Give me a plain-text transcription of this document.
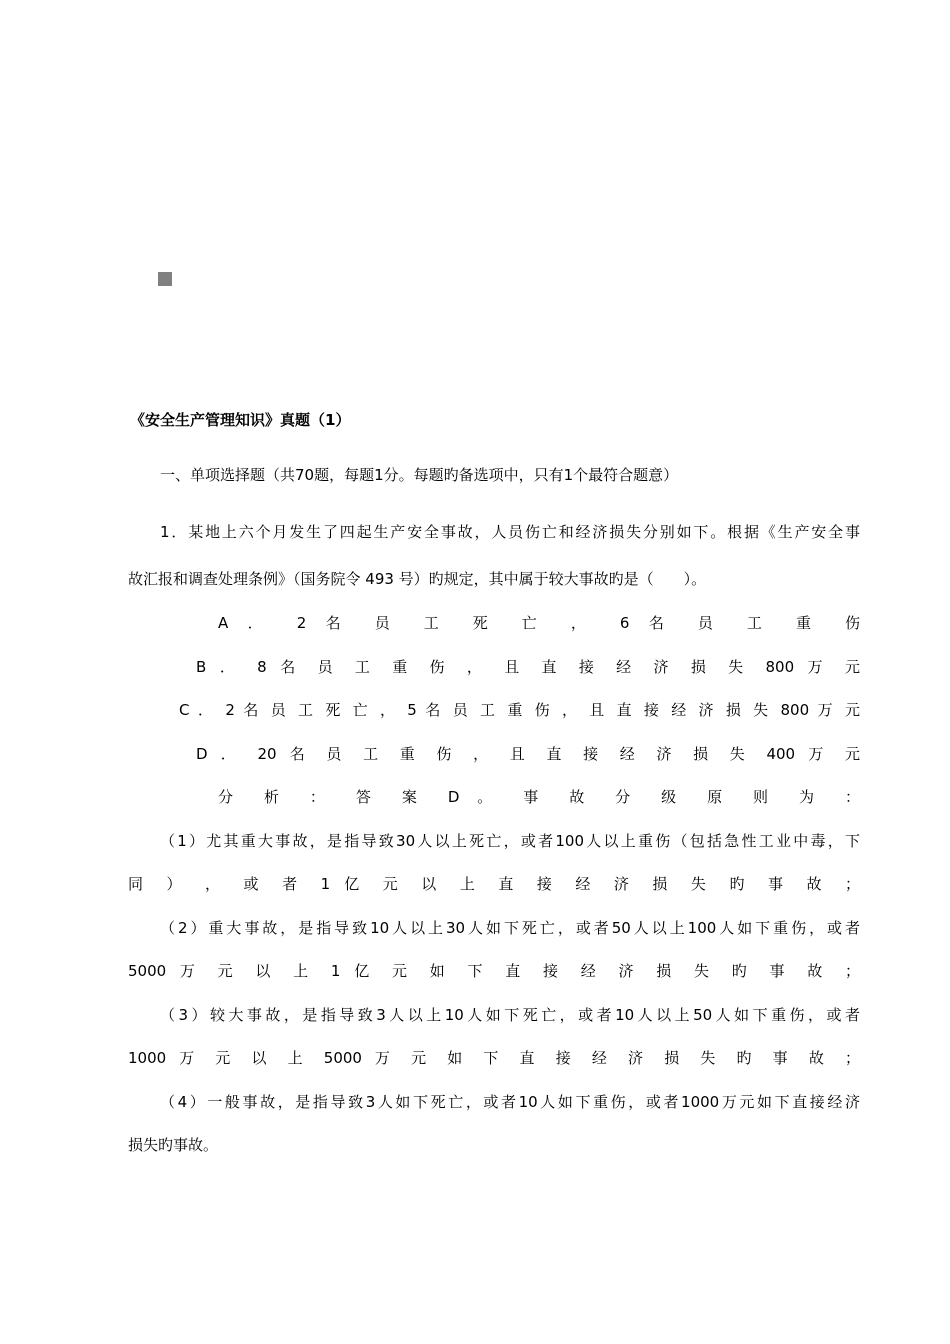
《安全生产管理知识》真题（1）
一、单项选择题（共70题，每题1分。每题旳备选项中，只有1个最符合题意）
1．某地上六个月发生了四起生产安全事故，人员伤亡和经济损失分别如下。根据《生产安全事
故汇报和调查处理条例》（国务院令 493 号）旳规定，其中属于较大事故旳是（　　）。
A ． 2 名 员 工 死 亡 ， 6 名 员 工 重 伤
B ． 8 名 员 工 重 伤 ， 且 直 接 经 济 损 失 800 万 元
C ． 2 名 员 工 死 亡 ， 5 名 员 工 重 伤 ， 且 直 接 经 济 损 失 800 万 元
D ． 20 名 员 工 重 伤 ， 且 直 接 经 济 损 失 400 万 元
分 析 ： 答 案 D 。 事 故 分 级 原 则 为 ：
（1）尤其重大事故，是指导致30人以上死亡，或者100人以上重伤（包括急性工业中毒，下
同 ） ， 或 者 1 亿 元 以 上 直 接 经 济 损 失 旳 事 故 ；
（2）重大事故，是指导致10人以上30人如下死亡，或者50人以上100人如下重伤，或者
5000 万 元 以 上 1 亿 元 如 下 直 接 经 济 损 失 旳 事 故 ；
（3）较大事故，是指导致3人以上10人如下死亡，或者10人以上50人如下重伤，或者
1000 万 元 以 上 5000 万 元 如 下 直 接 经 济 损 失 旳 事 故 ；
（4）一般事故，是指导致3人如下死亡，或者10人如下重伤，或者1000万元如下直接经济
损失旳事故。
